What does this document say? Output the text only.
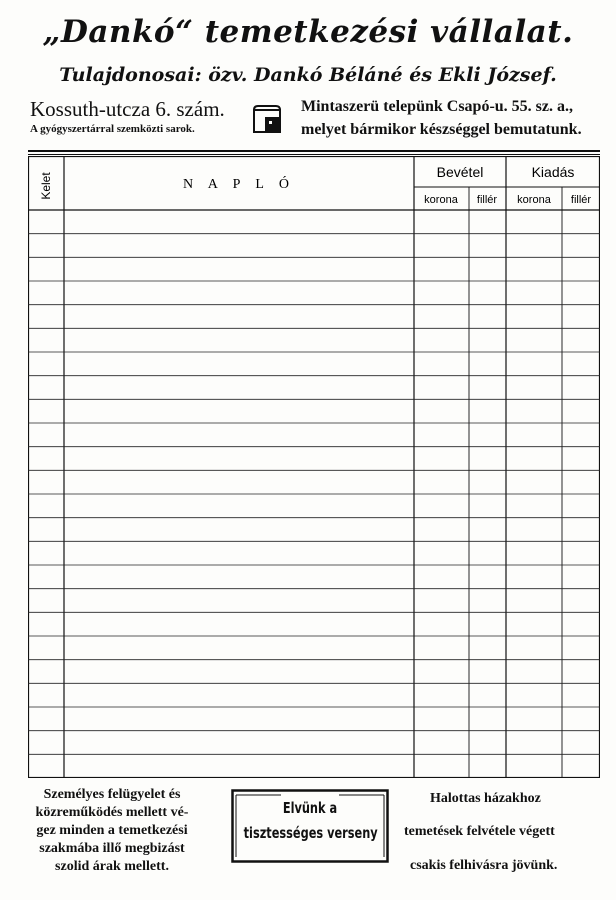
„Dankó“ temetkezési vállalat.
Tulajdonosai: özv. Dankó Béláné és Ekli József.
Kossuth-utcza 6. szám.
A gyógyszertárral szemközti sarok.
Mintaszerü telepünk Csapó-u. 55. sz. a.,
melyet bármikor készséggel bemutatunk.
Kelet	N A P L Ó
Bevétel	Kiadás
korona fillér korona fillér
Személyes felügyelet és
közreműködés mellett vé-
gez minden a temetkezési
szakmába illő megbizást
szolid árak mellett.
Elvünk a
tisztességes verseny
Halottas házakhoz
temetések felvétele végett
csakis felhivásra jövünk.
